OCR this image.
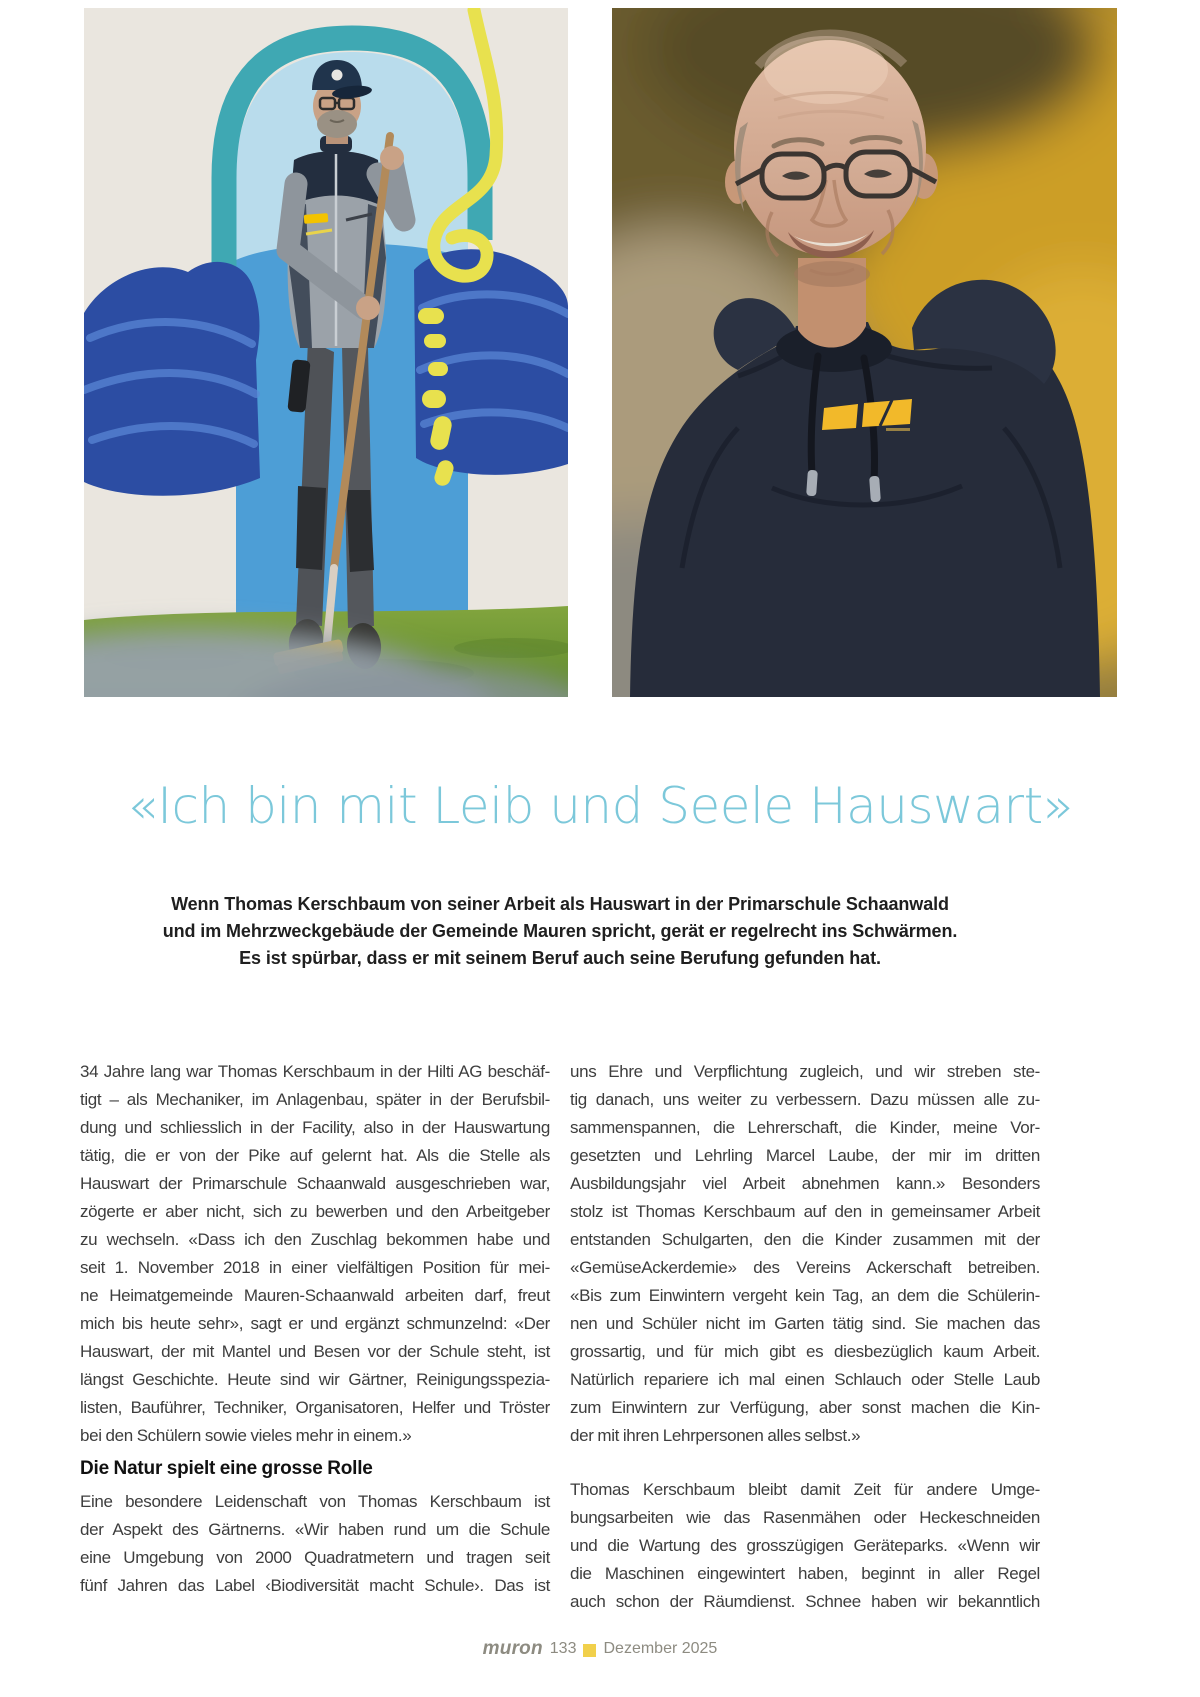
«Ich bin mit Leib und Seele Hauswart»
Wenn Thomas Kerschbaum von seiner Arbeit als Hauswart in der Primarschule Schaanwald
und im Mehrzweckgebäude der Gemeinde Mauren spricht, gerät er regelrecht ins Schwärmen.
Es ist spürbar, dass er mit seinem Beruf auch seine Berufung gefunden hat.
34 Jahre lang war Thomas Kerschbaum in der Hilti AG beschäf-
tigt – als Mechaniker, im Anlagenbau, später in der Berufsbil-
dung und schliesslich in der Facility, also in der Hauswartung
tätig, die er von der Pike auf gelernt hat. Als die Stelle als
Hauswart der Primarschule Schaanwald ausgeschrieben war,
zögerte er aber nicht, sich zu bewerben und den Arbeitgeber
zu wechseln. «Dass ich den Zuschlag bekommen habe und
seit 1. November 2018 in einer vielfältigen Position für mei-
ne Heimatgemeinde Mauren-Schaanwald arbeiten darf, freut
mich bis heute sehr», sagt er und ergänzt schmunzelnd: «Der
Hauswart, der mit Mantel und Besen vor der Schule steht, ist
längst Geschichte. Heute sind wir Gärtner, Reinigungsspezia-
listen, Bauführer, Techniker, Organisatoren, Helfer und Tröster
bei den Schülern sowie vieles mehr in einem.»
Die Natur spielt eine grosse Rolle
Eine besondere Leidenschaft von Thomas Kerschbaum ist
der Aspekt des Gärtnerns. «Wir haben rund um die Schule
eine Umgebung von 2000 Quadratmetern und tragen seit
fünf Jahren das Label ‹Biodiversität macht Schule›. Das ist
uns Ehre und Verpflichtung zugleich, und wir streben ste-
tig danach, uns weiter zu verbessern. Dazu müssen alle zu-
sammenspannen, die Lehrerschaft, die Kinder, meine Vor-
gesetzten und Lehrling Marcel Laube, der mir im dritten
Ausbildungsjahr viel Arbeit abnehmen kann.» Besonders
stolz ist Thomas Kerschbaum auf den in gemeinsamer Arbeit
entstanden Schulgarten, den die Kinder zusammen mit der
«GemüseAckerdemie» des Vereins Ackerschaft betreiben.
«Bis zum Einwintern vergeht kein Tag, an dem die Schülerin-
nen und Schüler nicht im Garten tätig sind. Sie machen das
grossartig, und für mich gibt es diesbezüglich kaum Arbeit.
Natürlich repariere ich mal einen Schlauch oder Stelle Laub
zum Einwintern zur Verfügung, aber sonst machen die Kin-
der mit ihren Lehrpersonen alles selbst.»
Thomas Kerschbaum bleibt damit Zeit für andere Umge-
bungsarbeiten wie das Rasenmähen oder Heckeschneiden
und die Wartung des grosszügigen Geräteparks. «Wenn wir
die Maschinen eingewintert haben, beginnt in aller Regel
auch schon der Räumdienst. Schnee haben wir bekanntlich
muron 133 Dezember 2025
